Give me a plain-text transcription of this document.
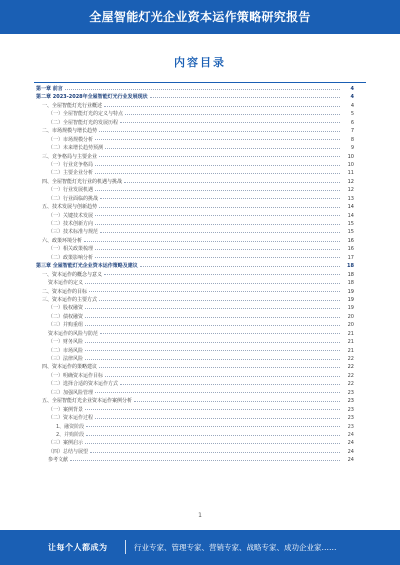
全屋智能灯光企业资本运作策略研究报告
内容目录
第一章 前言	4
第二章 2023-2028年全屋智能灯光行业发展现状	4
一、全屋智能灯光行业概述	4
（一）全屋智能灯光的定义与特点	5
（二）全屋智能灯光的发展历程	6
二、市场规模与增长趋势	7
（一）市场规模分析	8
（二）未来增长趋势预测	9
三、竞争格局与主要企业	10
（一）行业竞争格局	10
（二）主要企业分析	11
四、全屋智能灯光行业的机遇与挑战	12
（一）行业发展机遇	12
（二）行业面临的挑战	13
五、技术发展与创新趋势	14
（一）关键技术发展	14
（二）技术创新方向	15
（三）技术标准与规范	15
六、政策环境分析	16
（一）相关政策梳理	16
（二）政策影响分析	17
第三章 全屋智能灯光企业资本运作策略及建议	18
一、资本运作的概念与意义	18
资本运作的定义	18
二、资本运作的目标	19
三、资本运作的主要方式	19
（一）股权融资	19
（二）债权融资	20
（三）并购重组	20
资本运作的风险与防范	21
（一）财务风险	21
（二）市场风险	21
（三）法律风险	22
四、资本运作的策略建议	22
（一）明确资本运作目标	22
（二）选择合适的资本运作方式	22
（三）加强风险管理	23
五、全屋智能灯光企业资本运作案例分析	23
（一）案例背景	23
（二）资本运作过程	23
1、融资阶段	23
2、并购阶段	24
（三）案例启示	24
（四）总结与展望	24
参考文献	24
1
让每个人都成为	行业专家、管理专家、营销专家、战略专家、成功企业家……
